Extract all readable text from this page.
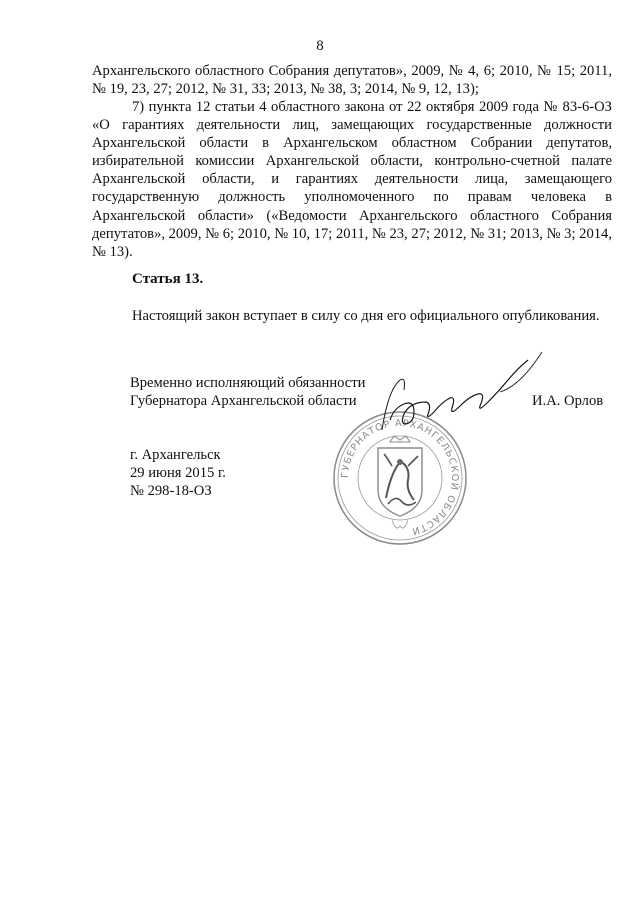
8

Архангельского областного Собрания депутатов», 2009, № 4, 6; 2010, № 15; 2011, № 19, 23, 27; 2012, № 31, 33; 2013, № 38, 3; 2014, № 9, 12, 13);

7) пункта 12 статьи 4 областного закона от 22 октября 2009 года № 83-6-ОЗ «О гарантиях деятельности лиц, замещающих государственные должности Архангельской области в Архангельском областном Собрании депутатов, избирательной комиссии Архангельской области, контрольно-счетной палате Архангельской области, и гарантиях деятельности лица, замещающего государственную должность уполномоченного по правам человека в Архангельской области» («Ведомости Архангельского областного Собрания депутатов», 2009, № 6; 2010, № 10, 17; 2011, № 23, 27; 2012, № 31; 2013, № 3; 2014, № 13).

Статья 13.

Настоящий закон вступает в силу со дня его официального опубликования.

ГУБЕРНАТОР АРХАНГЕЛЬСКОЙ ОБЛАСТИ
Временно исполняющий обязанности
Губернатора Архангельской области	И.А. Орлов
г. Архангельск
29 июня 2015 г.
№ 298-18-ОЗ
